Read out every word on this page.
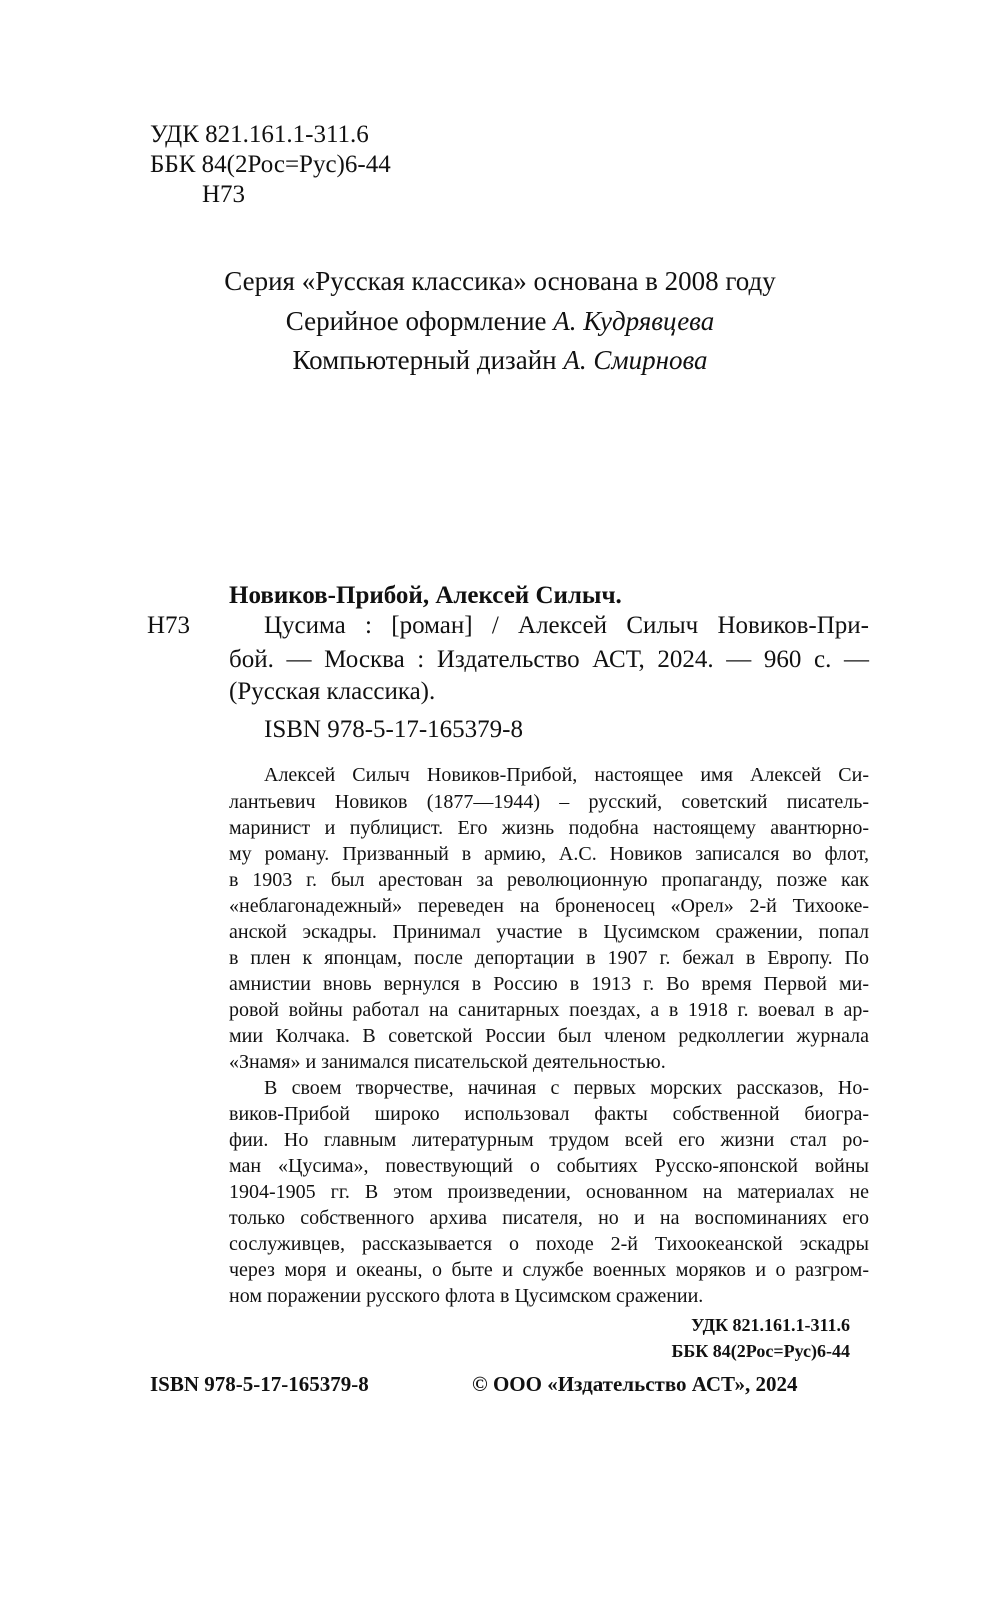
УДК 821.161.1-311.6
ББК 84(2Рос=Рус)6-44
Н73
Серия «Русская классика» основана в 2008 году
Серийное оформление А. Кудрявцева
Компьютерный дизайн А. Смирнова
Новиков-Прибой, Алексей Силыч.
Н73	Цусима : [роман] / Алексей Силыч Новиков-При-
бой. — Москва : Издательство АСТ, 2024. — 960 с. —
(Русская классика).
ISBN 978-5-17-165379-8
Алексей Силыч Новиков-Прибой, настоящее имя Алексей Си-
лантьевич Новиков (1877—1944) – русский, советский писатель-
маринист и публицист. Его жизнь подобна настоящему авантюрно-
му роману. Призванный в армию, А.С. Новиков записался во флот,
в 1903 г. был арестован за революционную пропаганду, позже как
«неблагонадежный» переведен на броненосец «Орел» 2-й Тихооке-
анской эскадры. Принимал участие в Цусимском сражении, попал
в плен к японцам, после депортации в 1907 г. бежал в Европу. По
амнистии вновь вернулся в Россию в 1913 г. Во время Первой ми-
ровой войны работал на санитарных поездах, а в 1918 г. воевал в ар-
мии Колчака. В советской России был членом редколлегии журнала
«Знамя» и занимался писательской деятельностью.
В своем творчестве, начиная с первых морских рассказов, Но-
виков-Прибой широко использовал факты собственной биогра-
фии. Но главным литературным трудом всей его жизни стал ро-
ман «Цусима», повествующий о событиях Русско-японской войны
1904-1905 гг. В этом произведении, основанном на материалах не
только собственного архива писателя, но и на воспоминаниях его
сослуживцев, рассказывается о походе 2-й Тихоокеанской эскадры
через моря и океаны, о быте и службе военных моряков и о разгром-
ном поражении русского флота в Цусимском сражении.
УДК 821.161.1-311.6
ББК 84(2Рос=Рус)6-44
ISBN 978-5-17-165379-8	© ООО «Издательство АСТ», 2024
